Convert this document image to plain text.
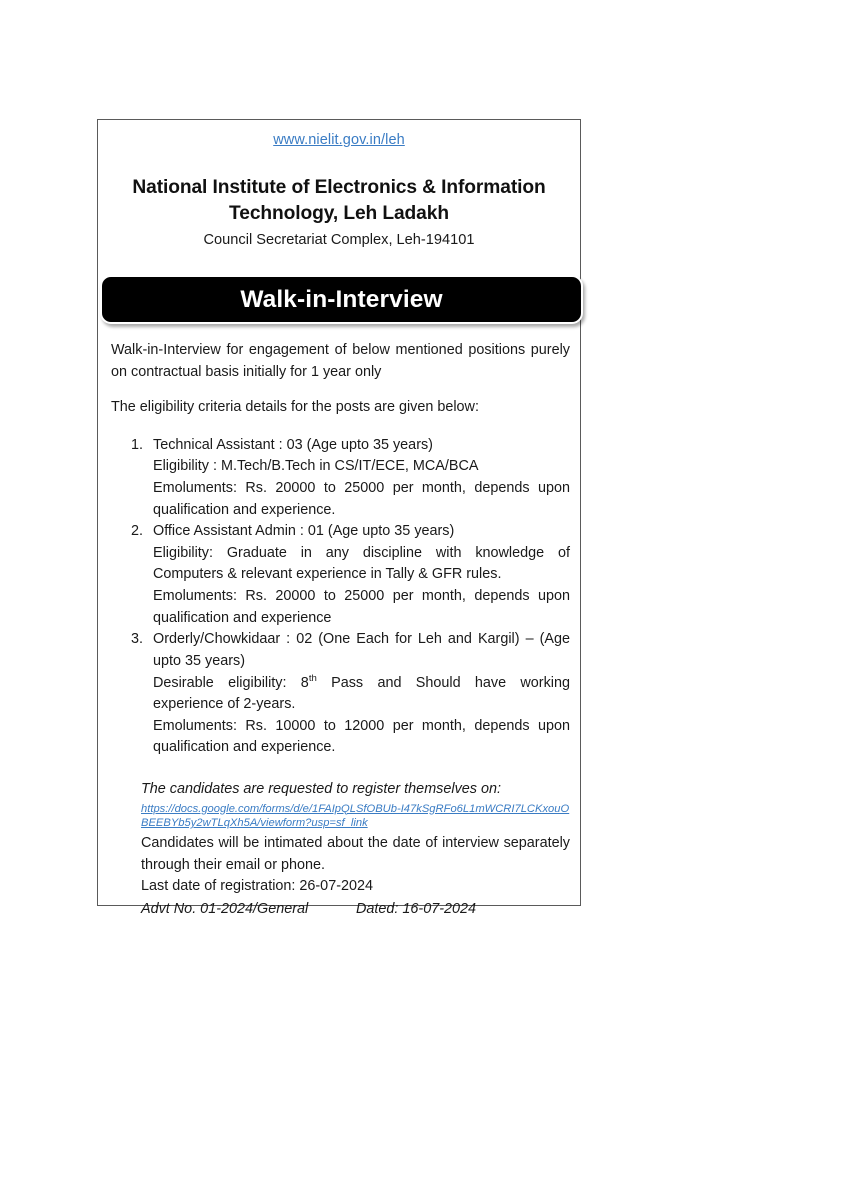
www.nielit.gov.in/leh
National Institute of Electronics & Information Technology, Leh Ladakh
Council Secretariat Complex, Leh-194101
Walk-in-Interview

Walk-in-Interview for engagement of below mentioned positions purely on contractual basis initially for 1 year only

The eligibility criteria details for the posts are given below:

1. Technical Assistant : 03 (Age upto 35 years)
Eligibility : M.Tech/B.Tech in CS/IT/ECE, MCA/BCA
Emoluments: Rs. 20000 to 25000 per month, depends upon qualification and experience.
2. Office Assistant Admin : 01 (Age upto 35 years)
Eligibility: Graduate in any discipline with knowledge of Computers & relevant experience in Tally & GFR rules.
Emoluments: Rs. 20000 to 25000 per month, depends upon qualification and experience
3. Orderly/Chowkidaar : 02 (One Each for Leh and Kargil) – (Age upto 35 years)
Desirable eligibility: 8th Pass and Should have working experience of 2-years.
Emoluments: Rs. 10000 to 12000 per month, depends upon qualification and experience.

The candidates are requested to register themselves on:

https://docs.google.com/forms/d/e/1FAIpQLSfOBUb-I47kSgRFo6L1mWCRI7LCKxouOBEEBYb5y2wTLqXh5A/viewform?usp=sf_link

Candidates will be intimated about the date of interview separately through their email or phone.

Last date of registration: 26-07-2024

Advt No. 01-2024/General	Dated: 16-07-2024
